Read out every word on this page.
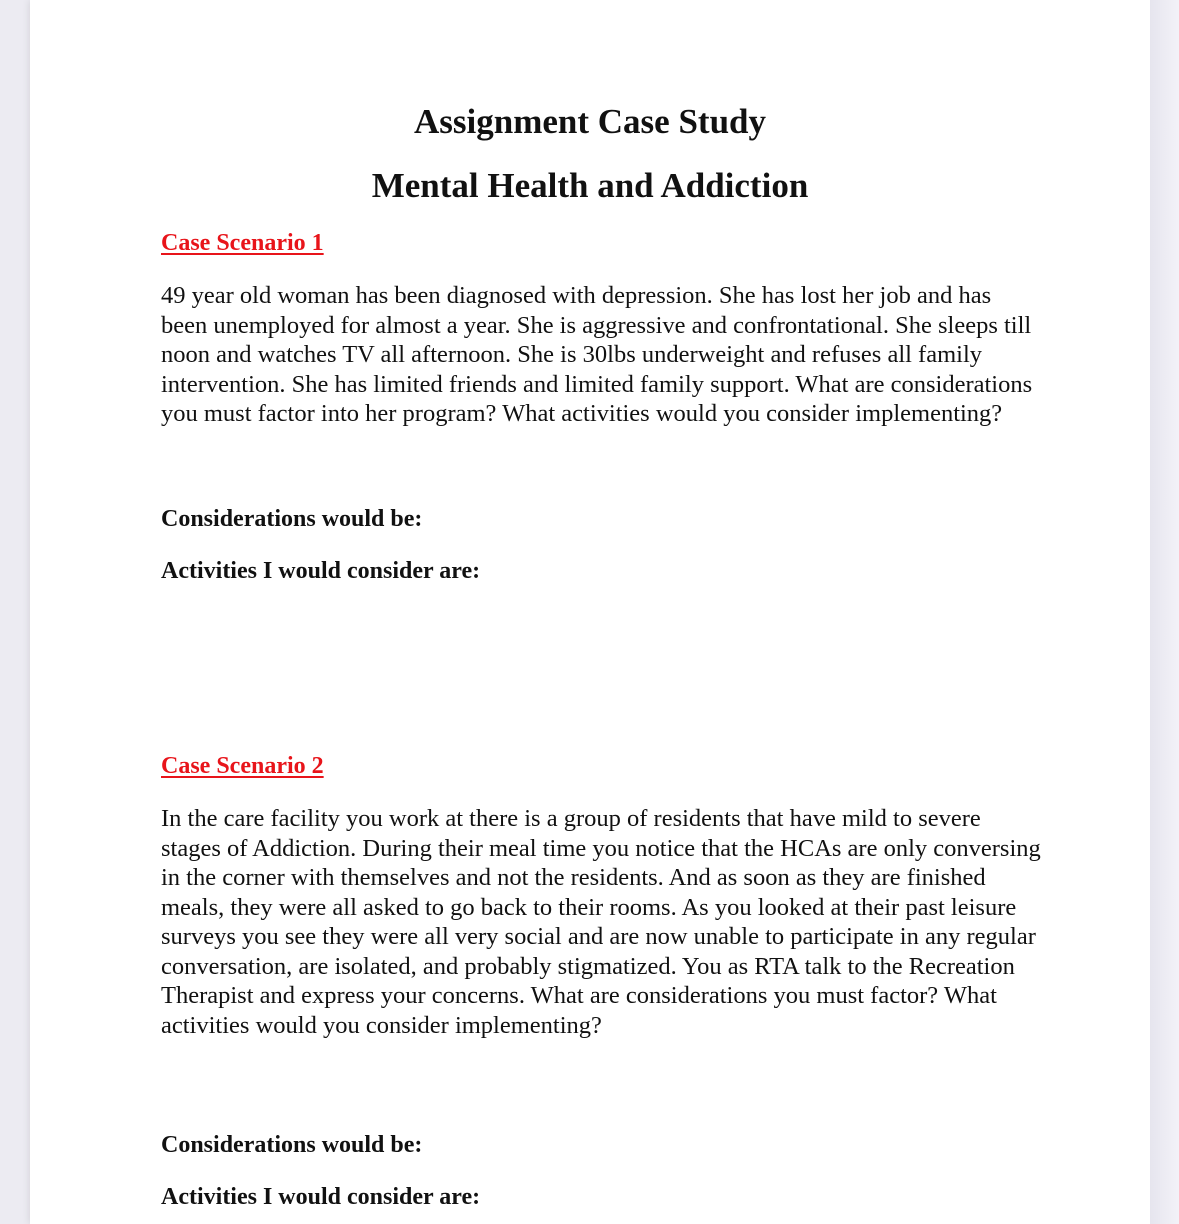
Assignment Case Study
Mental Health and Addiction
Case Scenario 1

49 year old woman has been diagnosed with depression. She has lost her job and has been unemployed for almost a year. She is aggressive and confrontational. She sleeps till noon and watches TV all afternoon. She is 30lbs underweight and refuses all family intervention. She has limited friends and limited family support. What are considerations you must factor into her program? What activities would you consider implementing?

Considerations would be:

Activities I would consider are:

Case Scenario 2

In the care facility you work at there is a group of residents that have mild to severe stages of Addiction. During their meal time you notice that the HCAs are only conversing in the corner with themselves and not the residents. And as soon as they are finished meals, they were all asked to go back to their rooms. As you looked at their past leisure surveys you see they were all very social and are now unable to participate in any regular conversation, are isolated, and probably stigmatized. You as RTA talk to the Recreation Therapist and express your concerns. What are considerations you must factor? What activities would you consider implementing?

Considerations would be:

Activities I would consider are:
